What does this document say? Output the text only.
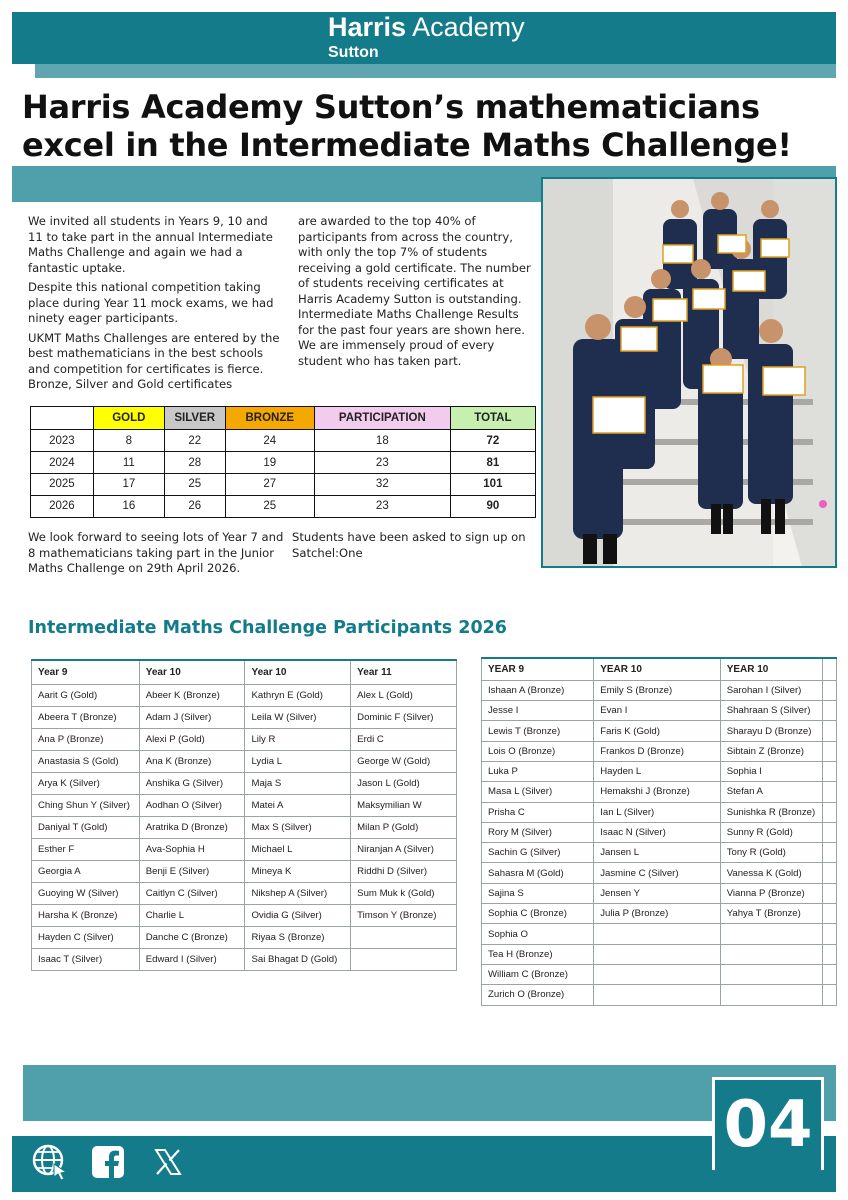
Harris Academy
Sutton
Harris Academy Sutton’s mathematicians excel in the Intermediate Maths Challenge!

We invited all students in Years 9, 10 and 11 to take part in the annual Intermediate Maths Challenge and again we had a fantastic uptake.

Despite this national competition taking place during Year 11 mock exams, we had ninety eager participants.

UKMT Maths Challenges are entered by the best mathematicians in the best schools and competition for certificates is fierce. Bronze, Silver and Gold certificates

are awarded to the top 40% of participants from across the country, with only the top 7% of students receiving a gold certificate. The number of students receiving certificates at Harris Academy Sutton is outstanding. Intermediate Maths Challenge Results for the past four years are shown here. We are immensely proud of every student who has taken part.

	GOLD	SILVER	BRONZE	PARTICIPATION	TOTAL
2023	8	22	24	18	72
2024	11	28	19	23	81
2025	17	25	27	32	101
2026	16	26	25	23	90
We look forward to seeing lots of Year 7 and 8 mathematicians taking part in the Junior Maths Challenge on 29th April 2026.
Students have been asked to sign up on Satchel:One
Intermediate Maths Challenge Participants 2026
Year 9	Year 10	Year 10	Year 11
Aarit G (Gold)	Abeer K (Bronze)	Kathryn E (Gold)	Alex L (Gold)
Abeera T (Bronze)	Adam J (Silver)	Leila W (Silver)	Dominic F (Silver)
Ana P (Bronze)	Alexi P (Gold)	Lily R	Erdi C
Anastasia S (Gold)	Ana K (Bronze)	Lydia L	George W (Gold)
Arya K (Silver)	Anshika G (Silver)	Maja S	Jason L (Gold)
Ching Shun Y (Silver)	Aodhan O (Silver)	Matei A	Maksymilian W
Daniyal T (Gold)	Aratrika D (Bronze)	Max S (Silver)	Milan P (Gold)
Esther F	Ava-Sophia H	Michael L	Niranjan A (Silver)
Georgia A	Benji E (Silver)	Mineya K	Riddhi D (Silver)
Guoying W (Silver)	Caitlyn C (Silver)	Nikshep A (Silver)	Sum Muk k (Gold)
Harsha K (Bronze)	Charlie L	Ovidia G (Silver)	Timson Y (Bronze)
Hayden C (Silver)	Danche C (Bronze)	Riyaa S (Bronze)	
Isaac T (Silver)	Edward I (Silver)	Sai Bhagat D (Gold)	
YEAR 9	YEAR 10	YEAR 10	
Ishaan A (Bronze)	Emily S (Bronze)	Sarohan I (Silver)	
Jesse I	Evan I	Shahraan S (Silver)	
Lewis T (Bronze)	Faris K (Gold)	Sharayu D (Bronze)	
Lois O (Bronze)	Frankos D (Bronze)	Sibtain Z (Bronze)	
Luka P	Hayden L	Sophia I	
Masa L (Silver)	Hemakshi J (Bronze)	Stefan A	
Prisha C	Ian L (Silver)	Sunishka R (Bronze)	
Rory M (Silver)	Isaac N (Silver)	Sunny R (Gold)	
Sachin G (Silver)	Jansen L	Tony R (Gold)	
Sahasra M (Gold)	Jasmine C (Silver)	Vanessa K (Gold)	
Sajina S	Jensen Y	Vianna P (Bronze)	
Sophia C (Bronze)	Julia P (Bronze)	Yahya T (Bronze)	
Sophia O			
Tea H (Bronze)			
William C (Bronze)			
Zurich O (Bronze)			
04
